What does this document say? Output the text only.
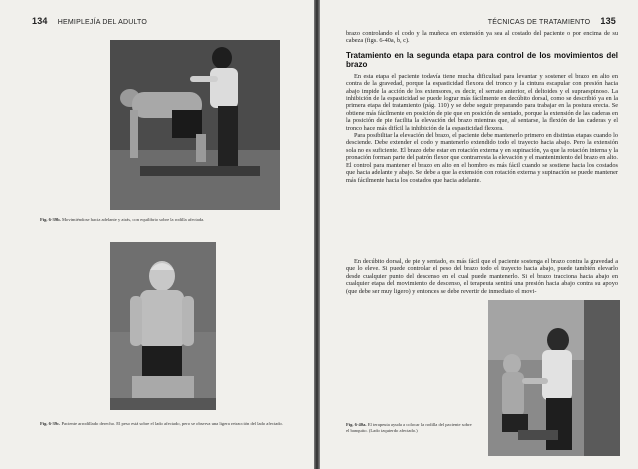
134 HEMIPLEJÍA DEL ADULTO
Fig. 6-39b. Movimiéndose hacia adelante y atrás, con equilibrio sobre la rodilla afectada.
Fig. 6-39c. Paciente arrodillado derecho. El peso está sobre el lado afectado, pero se observa una ligera retracción del lado afectado.
TÉCNICAS DE TRATAMIENTO 135

brazo controlando el codo y la muñeca en extensión ya sea al costado del paciente o por encima de su cabeza (figs. 6-40a, b, c).

Tratamiento en la segunda etapa para control de los movimientos del brazo

En esta etapa el paciente todavía tiene mucha dificultad para levantar y sostener el brazo en alto en contra de la gravedad, porque la espasticidad flexora del tronco y la cintura escapular con presión hacia abajo impide la acción de los extensores, es decir, el serrato anterior, el deltoides y el supraespinoso. La inhibición de la espasticidad se puede lograr más fácilmente en decúbito dorsal, como se describió ya en la primera etapa del tratamiento (pág. 110) y se debe seguir preparando para trabajar en la postura erecta. Se obtiene más fácilmente en posición de pie que en posición de sentado, porque la extensión de las caderas en la posición de pie facilita la elevación del brazo mientras que, al sentarse, la flexión de las caderas y el tronco hace más difícil la inhibición de la espasticidad flexora.

Para posibilitar la elevación del brazo, el paciente debe mantenerlo primero en distintas etapas cuando lo desciende. Debe extender el codo y mantenerlo extendido todo el trayecto hacia abajo. Pero la extensión sola no es suficiente. El brazo debe estar en rotación externa y en supinación, ya que la rotación interna y la pronación forman parte del patrón flexor que contrarresta la elevación y el mantenimiento del brazo en alto. El control para mantener el brazo en alto en el hombro es más fácil cuando se sostiene hacia los costados que hacia adelante y abajo. Se debe a que la extensión con rotación externa y supinación se puede mantener más fácilmente hacia los costados que hacia adelante.

En decúbito dorsal, de pie y sentado, es más fácil que el paciente sostenga el brazo contra la gravedad a que lo eleve. Si puede controlar el peso del brazo todo el trayecto hacia abajo, puede también elevarlo desde cualquier punto del descenso en el cual puede mantenerlo. Si el brazo tracciona hacia abajo en cualquier etapa del movimiento de descenso, el terapeuta sentirá una presión hacia abajo contra su apoyo (que debe ser muy ligero) y entonces se debe revertir de inmediato el movi-

Fig. 6-40a. El terapeuta ayuda a colocar la rodilla del paciente sobre el banquito. (Lado izquierdo afectado.)
